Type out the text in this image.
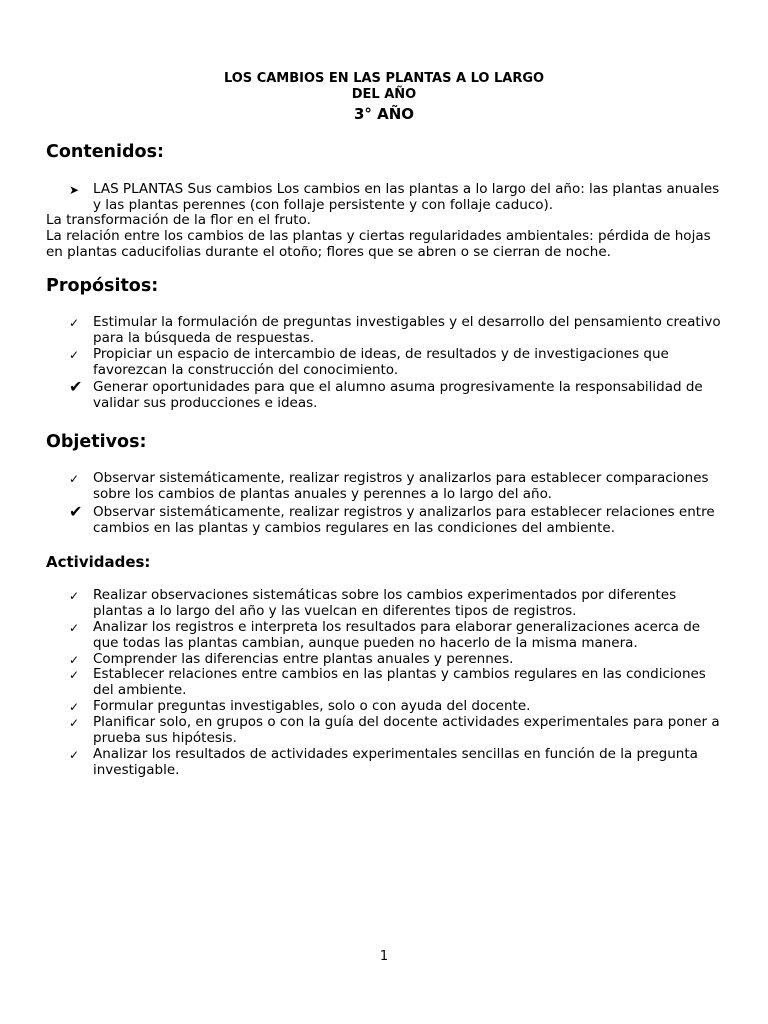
LOS CAMBIOS EN LAS PLANTAS A LO LARGO
DEL AÑO
3° AÑO
Contenidos:
➤ LAS PLANTAS Sus cambios Los cambios en las plantas a lo largo del año: las plantas anuales y las plantas perennes (con follaje persistente y con follaje caduco).
La transformación de la flor en el fruto.
La relación entre los cambios de las plantas y ciertas regularidades ambientales: pérdida de hojas en plantas caducifolias durante el otoño; flores que se abren o se cierran de noche.
Propósitos:
✓ Estimular la formulación de preguntas investigables y el desarrollo del pensamiento creativo para la búsqueda de respuestas.
✓ Propiciar un espacio de intercambio de ideas, de resultados y de investigaciones que favorezcan la construcción del conocimiento.
✔ Generar oportunidades para que el alumno asuma progresivamente la responsabilidad de validar sus producciones e ideas.
Objetivos:
✓ Observar sistemáticamente, realizar registros y analizarlos para establecer comparaciones sobre los cambios de plantas anuales y perennes a lo largo del año.
✔ Observar sistemáticamente, realizar registros y analizarlos para establecer relaciones entre cambios en las plantas y cambios regulares en las condiciones del ambiente.
Actividades:
✓ Realizar observaciones sistemáticas sobre los cambios experimentados por diferentes plantas a lo largo del año y las vuelcan en diferentes tipos de registros.
✓ Analizar los registros e interpreta los resultados para elaborar generalizaciones acerca de que todas las plantas cambian, aunque pueden no hacerlo de la misma manera.
✓ Comprender las diferencias entre plantas anuales y perennes.
✓ Establecer relaciones entre cambios en las plantas y cambios regulares en las condiciones del ambiente.
✓ Formular preguntas investigables, solo o con ayuda del docente.
✓ Planificar solo, en grupos o con la guía del docente actividades experimentales para poner a prueba sus hipótesis.
✓ Analizar los resultados de actividades experimentales sencillas en función de la pregunta investigable.
1
